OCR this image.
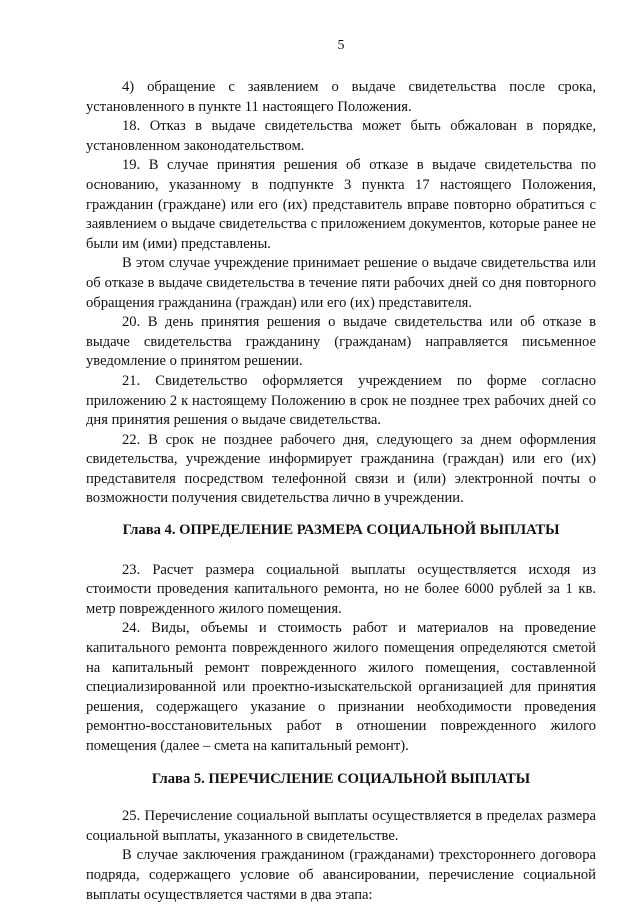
5

4) обращение с заявлением о выдаче свидетельства после срока, установленного в пункте 11 настоящего Положения.

18. Отказ в выдаче свидетельства может быть обжалован в порядке, установленном законодательством.

19. В случае принятия решения об отказе в выдаче свидетельства по основанию, указанному в подпункте 3 пункта 17 настоящего Положения, гражданин (граждане) или его (их) представитель вправе повторно обратиться с заявлением о выдаче свидетельства с приложением документов, которые ранее не были им (ими) представлены.

В этом случае учреждение принимает решение о выдаче свидетельства или об отказе в выдаче свидетельства в течение пяти рабочих дней со дня повторного обращения гражданина (граждан) или его (их) представителя.

20. В день принятия решения о выдаче свидетельства или об отказе в выдаче свидетельства гражданину (гражданам) направляется письменное уведомление о принятом решении.

21. Свидетельство оформляется учреждением по форме согласно приложению 2 к настоящему Положению в срок не позднее трех рабочих дней со дня принятия решения о выдаче свидетельства.

22. В срок не позднее рабочего дня, следующего за днем оформления свидетельства, учреждение информирует гражданина (граждан) или его (их) представителя посредством телефонной связи и (или) электронной почты о возможности получения свидетельства лично в учреждении.

Глава 4. ОПРЕДЕЛЕНИЕ РАЗМЕРА СОЦИАЛЬНОЙ ВЫПЛАТЫ

23. Расчет размера социальной выплаты осуществляется исходя из стоимости проведения капитального ремонта, но не более 6000 рублей за 1 кв. метр поврежденного жилого помещения.

24. Виды, объемы и стоимость работ и материалов на проведение капитального ремонта поврежденного жилого помещения определяются сметой на капитальный ремонт поврежденного жилого помещения, составленной специализированной или проектно-изыскательской организацией для принятия решения, содержащего указание о признании необходимости проведения ремонтно-восстановительных работ в отношении поврежденного жилого помещения (далее – смета на капитальный ремонт).

Глава 5. ПЕРЕЧИСЛЕНИЕ СОЦИАЛЬНОЙ ВЫПЛАТЫ

25. Перечисление социальной выплаты осуществляется в пределах размера социальной выплаты, указанного в свидетельстве.

В случае заключения гражданином (гражданами) трехстороннего договора подряда, содержащего условие об авансировании, перечисление социальной выплаты осуществляется частями в два этапа:
